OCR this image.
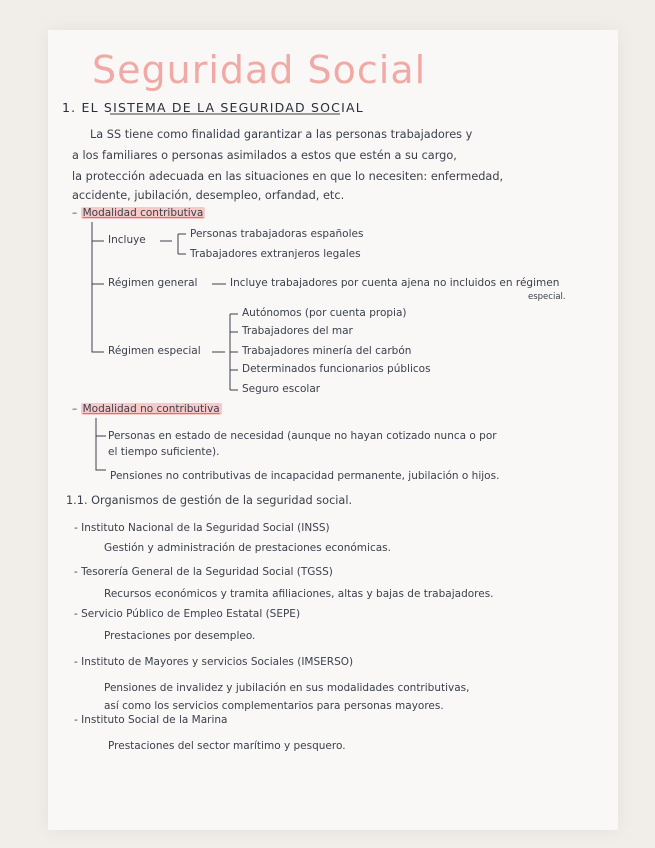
Seguridad Social
1. EL SISTEMA DE LA SEGURIDAD SOCIAL
La SS tiene como finalidad garantizar a las personas trabajadores y
a los familiares o personas asimilados a estos que estén a su cargo,
la protección adecuada en las situaciones en que lo necesiten: enfermedad,
accidente, jubilación, desempleo, orfandad, etc.
– Modalidad contributiva
Incluye	Personas trabajadoras españoles
Trabajadores extranjeros legales
Régimen general	Incluye trabajadores por cuenta ajena no incluidos en régimen
especial.
Régimen especial
Autónomos (por cuenta propia)
Trabajadores del mar
Trabajadores minería del carbón
Determinados funcionarios públicos
Seguro escolar
– Modalidad no contributiva
Personas en estado de necesidad (aunque no hayan cotizado nunca o por
el tiempo suficiente).
Pensiones no contributivas de incapacidad permanente, jubilación o hijos.
1.1. Organismos de gestión de la seguridad social.
- Instituto Nacional de la Seguridad Social (INSS)
Gestión y administración de prestaciones económicas.
- Tesorería General de la Seguridad Social (TGSS)
Recursos económicos y tramita afiliaciones, altas y bajas de trabajadores.
- Servicio Público de Empleo Estatal (SEPE)
Prestaciones por desempleo.
- Instituto de Mayores y servicios Sociales (IMSERSO)
Pensiones de invalidez y jubilación en sus modalidades contributivas,
así como los servicios complementarios para personas mayores.
- Instituto Social de la Marina
Prestaciones del sector marítimo y pesquero.
